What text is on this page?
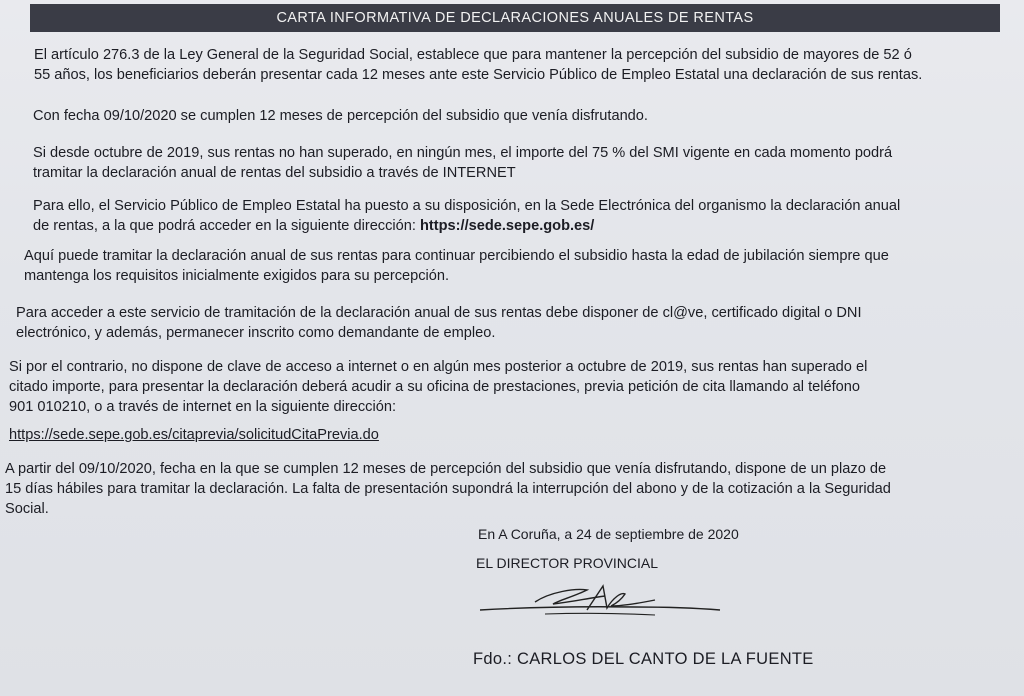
CARTA INFORMATIVA DE DECLARACIONES ANUALES DE RENTAS
El artículo 276.3 de la Ley General de la Seguridad Social, establece que para mantener la percepción del subsidio de mayores de 52 ó
55 años, los beneficiarios deberán presentar cada 12 meses ante este Servicio Público de Empleo Estatal una declaración de sus rentas.
Con fecha 09/10/2020 se cumplen 12 meses de percepción del subsidio que venía disfrutando.
Si desde octubre de 2019, sus rentas no han superado, en ningún mes, el importe del 75 % del SMI vigente en cada momento podrá
tramitar la declaración anual de rentas del subsidio a través de INTERNET
Para ello, el Servicio Público de Empleo Estatal ha puesto a su disposición, en la Sede Electrónica del organismo la declaración anual
de rentas, a la que podrá acceder en la siguiente dirección: https://sede.sepe.gob.es/
Aquí puede tramitar la declaración anual de sus rentas para continuar percibiendo el subsidio hasta la edad de jubilación siempre que
mantenga los requisitos inicialmente exigidos para su percepción.
Para acceder a este servicio de tramitación de la declaración anual de sus rentas debe disponer de cl@ve, certificado digital o DNI
electrónico, y además, permanecer inscrito como demandante de empleo.
Si por el contrario, no dispone de clave de acceso a internet o en algún mes posterior a octubre de 2019, sus rentas han superado el
citado importe, para presentar la declaración deberá acudir a su oficina de prestaciones, previa petición de cita llamando al teléfono
901 010210, o a través de internet en la siguiente dirección:
https://sede.sepe.gob.es/citaprevia/solicitudCitaPrevia.do
A partir del 09/10/2020, fecha en la que se cumplen 12 meses de percepción del subsidio que venía disfrutando, dispone de un plazo de
15 días hábiles para tramitar la declaración. La falta de presentación supondrá la interrupción del abono y de la cotización a la Seguridad
Social.
En A Coruña, a 24 de septiembre de 2020
EL DIRECTOR PROVINCIAL
Fdo.: CARLOS DEL CANTO DE LA FUENTE
